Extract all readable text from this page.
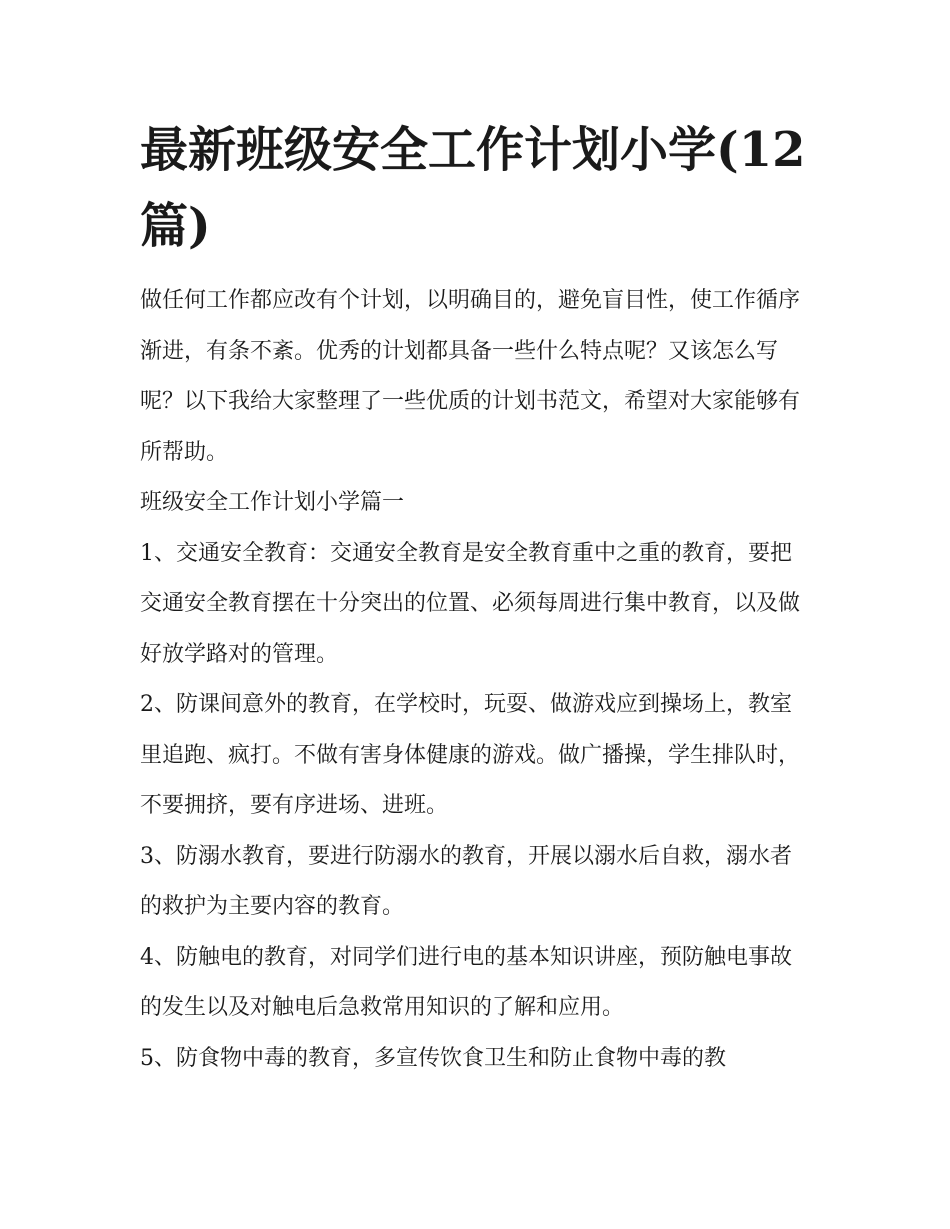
最新班级安全工作计划小学(12篇)

做任何工作都应改有个计划，以明确目的，避免盲目性，使工作循序渐进，有条不紊。优秀的计划都具备一些什么特点呢？又该怎么写呢？以下我给大家整理了一些优质的计划书范文，希望对大家能够有所帮助。

班级安全工作计划小学篇一

1、交通安全教育：交通安全教育是安全教育重中之重的教育，要把交通安全教育摆在十分突出的位置、必须每周进行集中教育，以及做好放学路对的管理。

2、防课间意外的教育，在学校时，玩耍、做游戏应到操场上，教室里追跑、疯打。不做有害身体健康的游戏。做广播操，学生排队时，不要拥挤，要有序进场、进班。

3、防溺水教育，要进行防溺水的教育，开展以溺水后自救，溺水者的救护为主要内容的教育。

4、防触电的教育，对同学们进行电的基本知识讲座，预防触电事故的发生以及对触电后急救常用知识的了解和应用。

5、防食物中毒的教育，多宣传饮食卫生和防止食物中毒的教
